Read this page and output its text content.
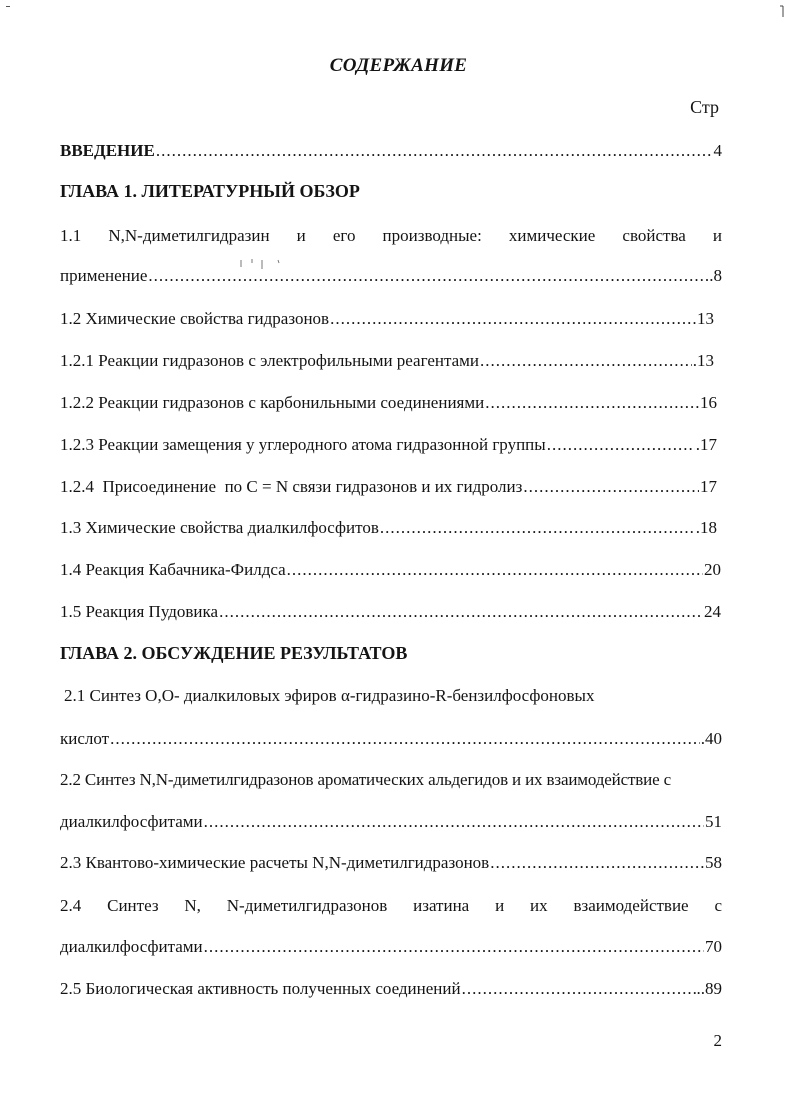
СОДЕРЖАНИЕ
Стр
ВВЕДЕНИЕ .....	4
ГЛАВА 1. ЛИТЕРАТУРНЫЙ ОБЗОР
1.1 N,N-диметилгидразин и его производные: химические свойства и
применение .....	.8
1.2 Химические свойства гидразонов .....	13
1.2.1 Реакции гидразонов с электрофильными реагентами .....	.13
1.2.2 Реакции гидразонов с карбонильными соединениями .....	16
1.2.3 Реакции замещения у углеродного атома гидразонной группы .....	.17
1.2.4  Присоединение  по C = N связи гидразонов и их гидролиз .....	17
1.3 Химические свойства диалкилфосфитов .....	.18
1.4 Реакция Кабачника-Филдса .....	20
1.5 Реакция Пудовика .....	24
ГЛАВА 2. ОБСУЖДЕНИЕ РЕЗУЛЬТАТОВ
2.1 Синтез О,О- диалкиловых эфиров α-гидразино-R-бензилфосфоновых
кислот .....	.40
2.2 Синтез N,N-диметилгидразонов ароматических альдегидов и их взаимодействие с
диалкилфосфитами .....	51
2.3 Квантово-химические расчеты N,N-диметилгидразонов .....	58
2.4 Синтез N, N-диметилгидразонов изатина и их взаимодействие с
диалкилфосфитами .....	70
2.5 Биологическая активность полученных соединений .....	..89
2
